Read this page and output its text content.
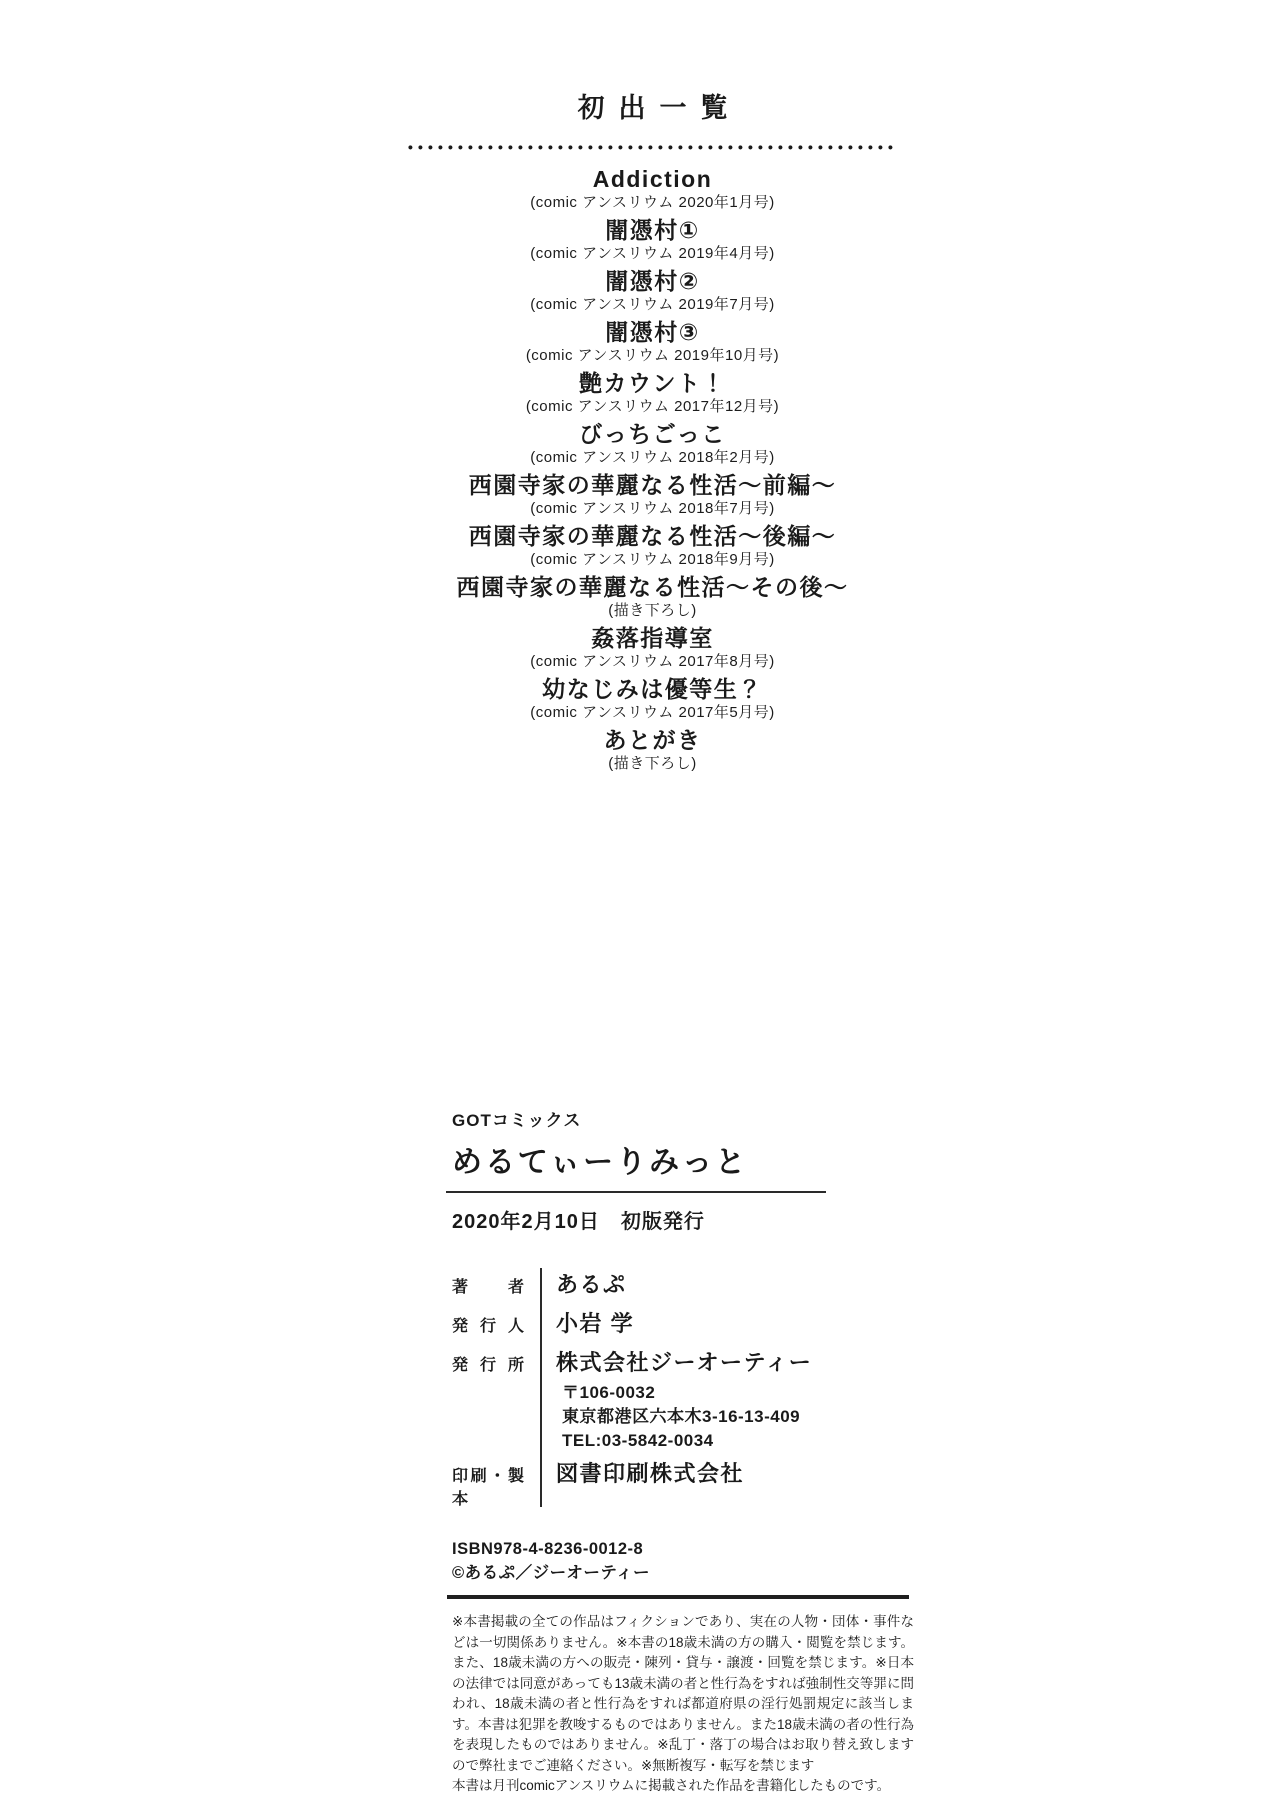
初出一覧
Addiction
(comic アンスリウム 2020年1月号)
闇憑村①
(comic アンスリウム 2019年4月号)
闇憑村②
(comic アンスリウム 2019年7月号)
闇憑村③
(comic アンスリウム 2019年10月号)
艶カウント！
(comic アンスリウム 2017年12月号)
びっちごっこ
(comic アンスリウム 2018年2月号)
西園寺家の華麗なる性活～前編～
(comic アンスリウム 2018年7月号)
西園寺家の華麗なる性活～後編～
(comic アンスリウム 2018年9月号)
西園寺家の華麗なる性活～その後～
(描き下ろし)
姦落指導室
(comic アンスリウム 2017年8月号)
幼なじみは優等生？
(comic アンスリウム 2017年5月号)
あとがき
(描き下ろし)
GOTコミックス
めるてぃーりみっと
2020年2月10日　初版発行
著者 あるぷ
発行人 小岩 学
発行所 株式会社ジーオーティー
〒106-0032
東京都港区六本木3-16-13-409
TEL:03-5842-0034
印刷・製本
図書印刷株式会社
ISBN978-4-8236-0012-8
©あるぷ／ジーオーティー
※本書掲載の全ての作品はフィクションであり、実在の人物・団体・事件などは一切関係ありません。※本書の18歳未満の方の購入・閲覧を禁じます。また、18歳未満の方への販売・陳列・貸与・譲渡・回覧を禁じます。※日本の法律では同意があっても13歳未満の者と性行為をすれば強制性交等罪に問われ、18歳未満の者と性行為をすれば都道府県の淫行処罰規定に該当します。本書は犯罪を教唆するものではありません。また18歳未満の者の性行為を表現したものではありません。※乱丁・落丁の場合はお取り替え致しますので弊社までご連絡ください。※無断複写・転写を禁じます
本書は月刊comicアンスリウムに掲載された作品を書籍化したものです。
